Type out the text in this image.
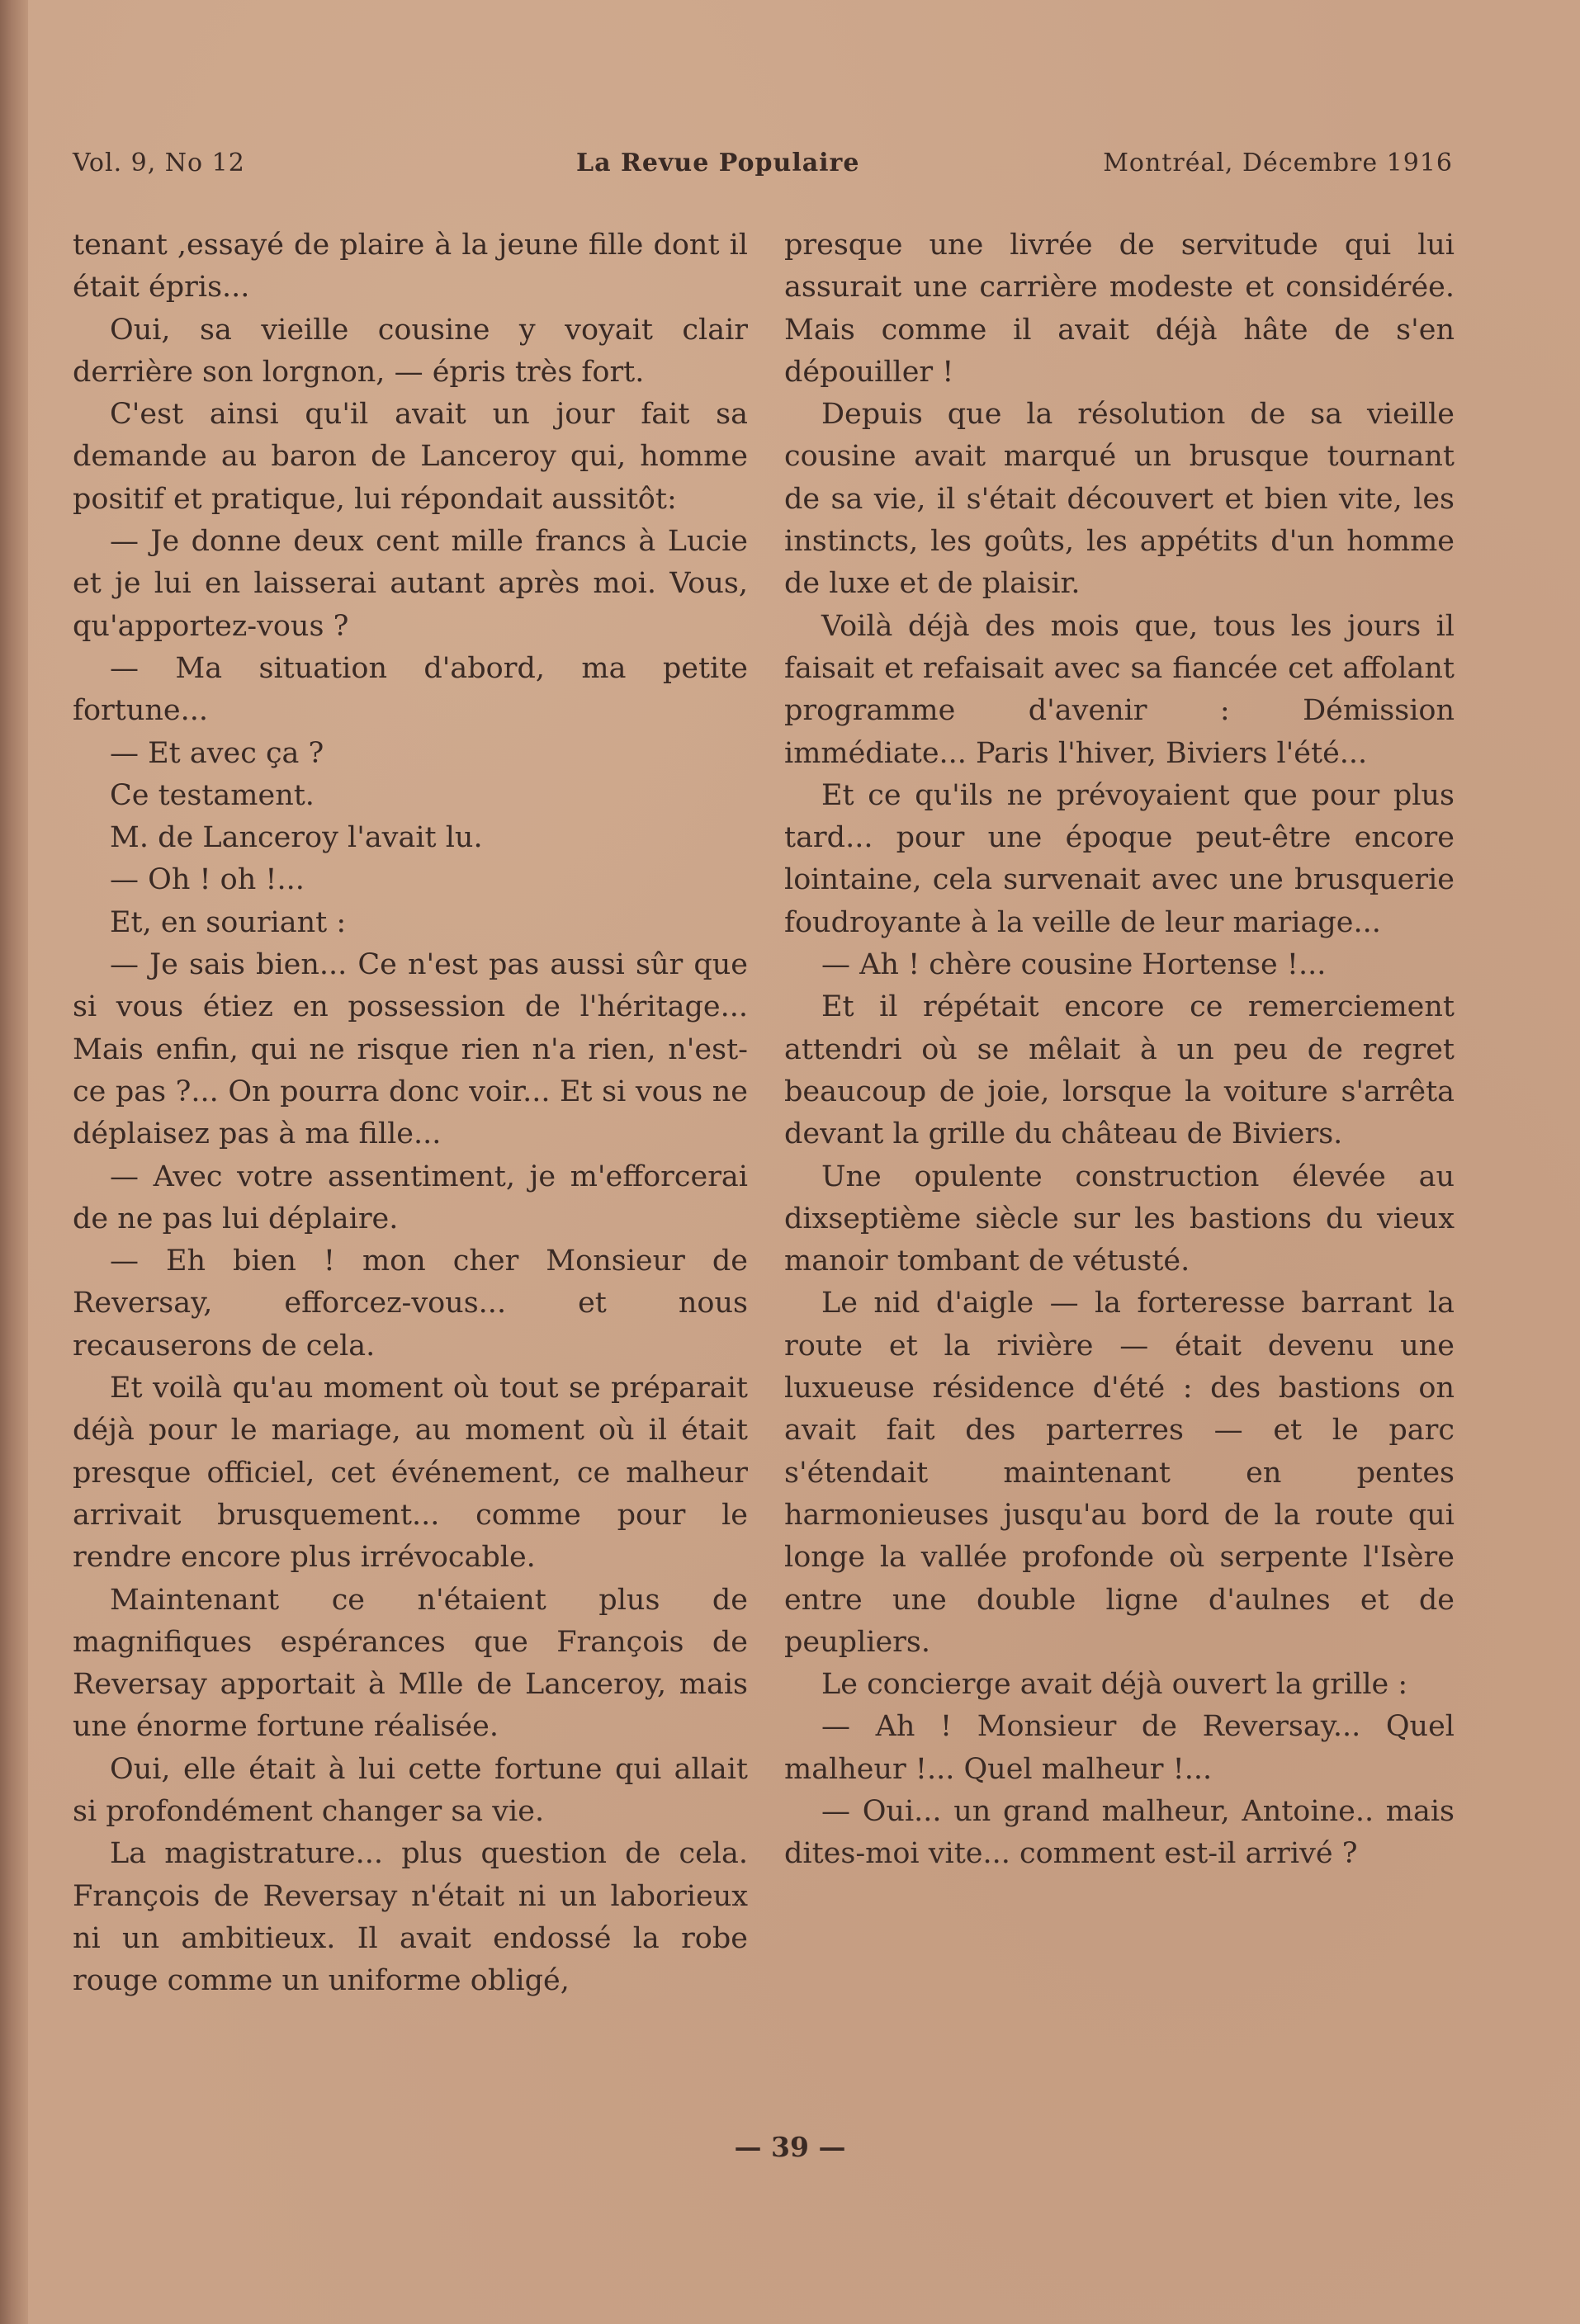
Vol. 9, No 12	La Revue Populaire	Montréal, Décembre 1916

tenant ,essayé de plaire à la jeune fille dont il était épris...

Oui, sa vieille cousine y voyait clair derrière son lorgnon, — épris très fort.

C'est ainsi qu'il avait un jour fait sa demande au baron de Lanceroy qui, homme positif et pratique, lui répondait aussitôt:

— Je donne deux cent mille francs à Lucie et je lui en laisserai autant après moi. Vous, qu'apportez-vous ?

— Ma situation d'abord, ma petite fortune...

— Et avec ça ?

Ce testament.

M. de Lanceroy l'avait lu.

— Oh ! oh !...

Et, en souriant :

— Je sais bien... Ce n'est pas aussi sûr que si vous étiez en possession de l'héritage... Mais enfin, qui ne risque rien n'a rien, n'est-ce pas ?... On pourra donc voir... Et si vous ne déplaisez pas à ma fille...

— Avec votre assentiment, je m'efforcerai de ne pas lui déplaire.

— Eh bien ! mon cher Monsieur de Reversay, efforcez-vous... et nous recauserons de cela.

Et voilà qu'au moment où tout se préparait déjà pour le mariage, au moment où il était presque officiel, cet événement, ce malheur arrivait brusquement... comme pour le rendre encore plus irrévocable.

Maintenant ce n'étaient plus de magnifiques espérances que François de Reversay apportait à Mlle de Lanceroy, mais une énorme fortune réalisée.

Oui, elle était à lui cette fortune qui allait si profondément changer sa vie.

La magistrature... plus question de cela. François de Reversay n'était ni un laborieux ni un ambitieux. Il avait endossé la robe rouge comme un uniforme obligé,

presque une livrée de servitude qui lui assurait une carrière modeste et considérée. Mais comme il avait déjà hâte de s'en dépouiller !

Depuis que la résolution de sa vieille cousine avait marqué un brusque tournant de sa vie, il s'était découvert et bien vite, les instincts, les goûts, les appétits d'un homme de luxe et de plaisir.

Voilà déjà des mois que, tous les jours il faisait et refaisait avec sa fiancée cet affolant programme d'avenir : Démission immédiate... Paris l'hiver, Biviers l'été...

Et ce qu'ils ne prévoyaient que pour plus tard... pour une époque peut-être encore lointaine, cela survenait avec une brusquerie foudroyante à la veille de leur mariage...

— Ah ! chère cousine Hortense !...

Et il répétait encore ce remerciement attendri où se mêlait à un peu de regret beaucoup de joie, lorsque la voiture s'arrêta devant la grille du château de Biviers.

Une opulente construction élevée au dixseptième siècle sur les bastions du vieux manoir tombant de vétusté.

Le nid d'aigle — la forteresse barrant la route et la rivière — était devenu une luxueuse résidence d'été : des bastions on avait fait des parterres — et le parc s'étendait maintenant en pentes harmonieuses jusqu'au bord de la route qui longe la vallée profonde où serpente l'Isère entre une double ligne d'aulnes et de peupliers.

Le concierge avait déjà ouvert la grille :

— Ah ! Monsieur de Reversay... Quel malheur !... Quel malheur !...

— Oui... un grand malheur, Antoine.. mais dites-moi vite... comment est-il arrivé ?

— 39 —
